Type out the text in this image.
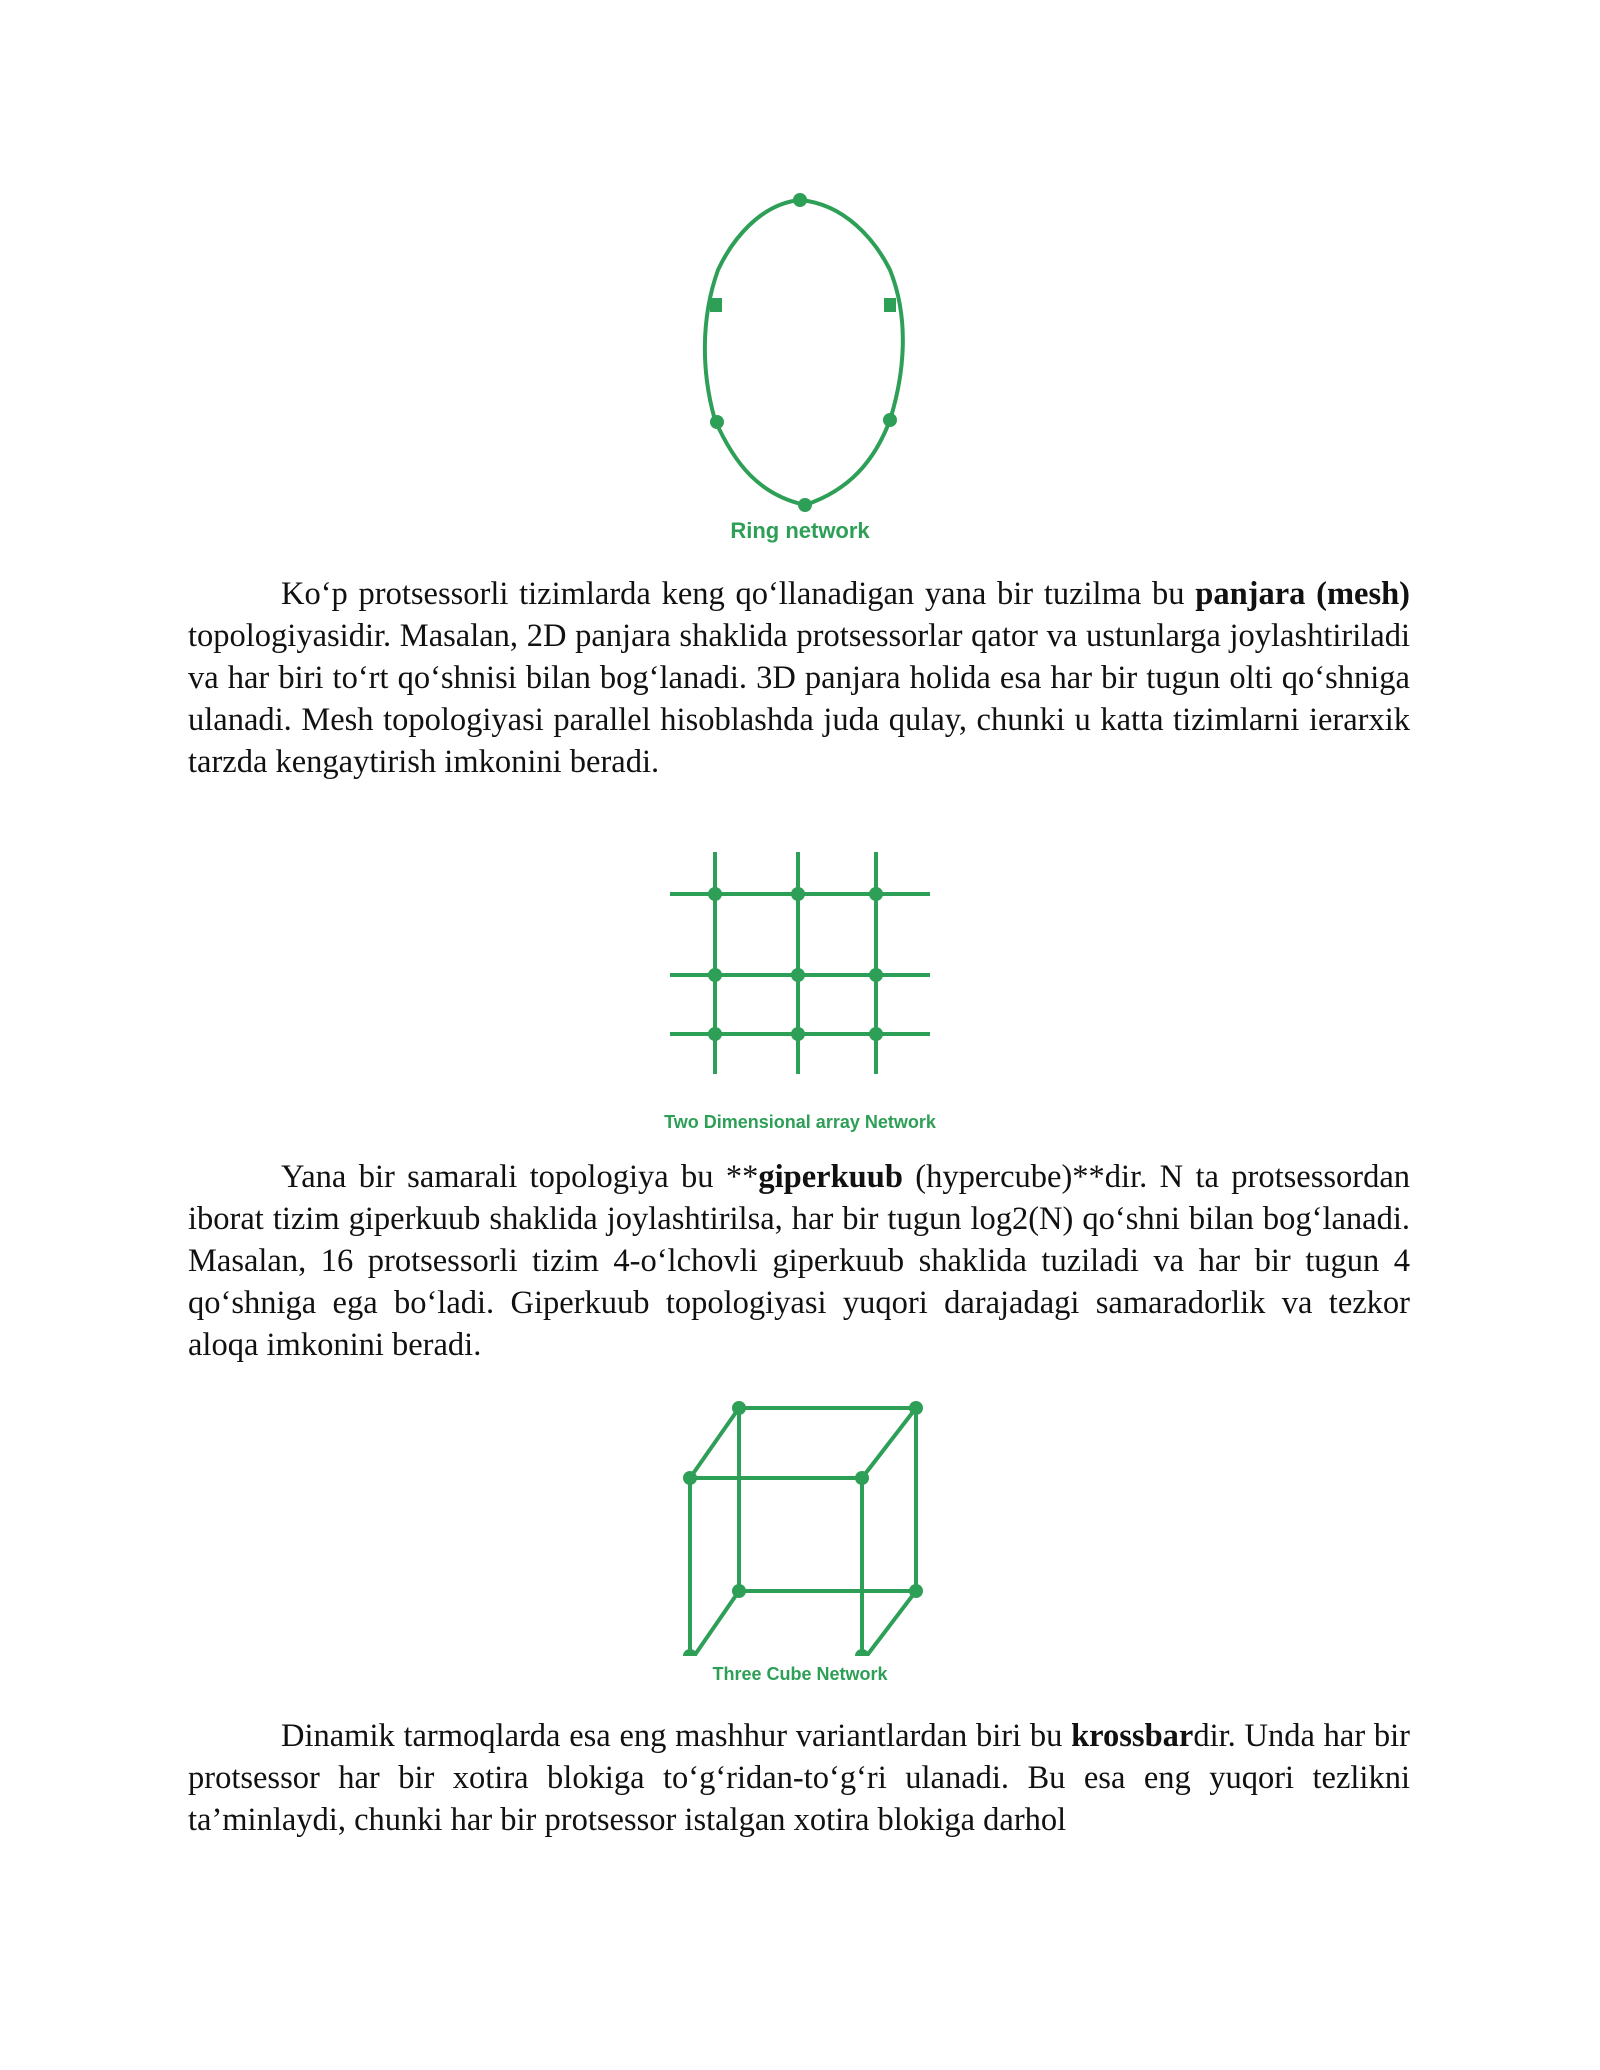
Ring network

Ko‘p protsessorli tizimlarda keng qo‘llanadigan yana bir tuzilma bu panjara (mesh) topologiyasidir. Masalan, 2D panjara shaklida protsessorlar qator va ustunlarga joylashtiriladi va har biri to‘rt qo‘shnisi bilan bog‘lanadi. 3D panjara holida esa har bir tugun olti qo‘shniga ulanadi. Mesh topologiyasi parallel hisoblashda juda qulay, chunki u katta tizimlarni ierarxik tarzda kengaytirish imkonini beradi.

Two Dimensional array Network

Yana bir samarali topologiya bu **giperkuub (hypercube)**dir. N ta protsessordan iborat tizim giperkuub shaklida joylashtirilsa, har bir tugun log2(N) qo‘shni bilan bog‘lanadi. Masalan, 16 protsessorli tizim 4-o‘lchovli giperkuub shaklida tuziladi va har bir tugun 4 qo‘shniga ega bo‘ladi. Giperkuub topologiyasi yuqori darajadagi samaradorlik va tezkor aloqa imkonini beradi.

Three Cube Network

Dinamik tarmoqlarda esa eng mashhur variantlardan biri bu krossbardir. Unda har bir protsessor har bir xotira blokiga to‘g‘ridan-to‘g‘ri ulanadi. Bu esa eng yuqori tezlikni ta’minlaydi, chunki har bir protsessor istalgan xotira blokiga darhol
